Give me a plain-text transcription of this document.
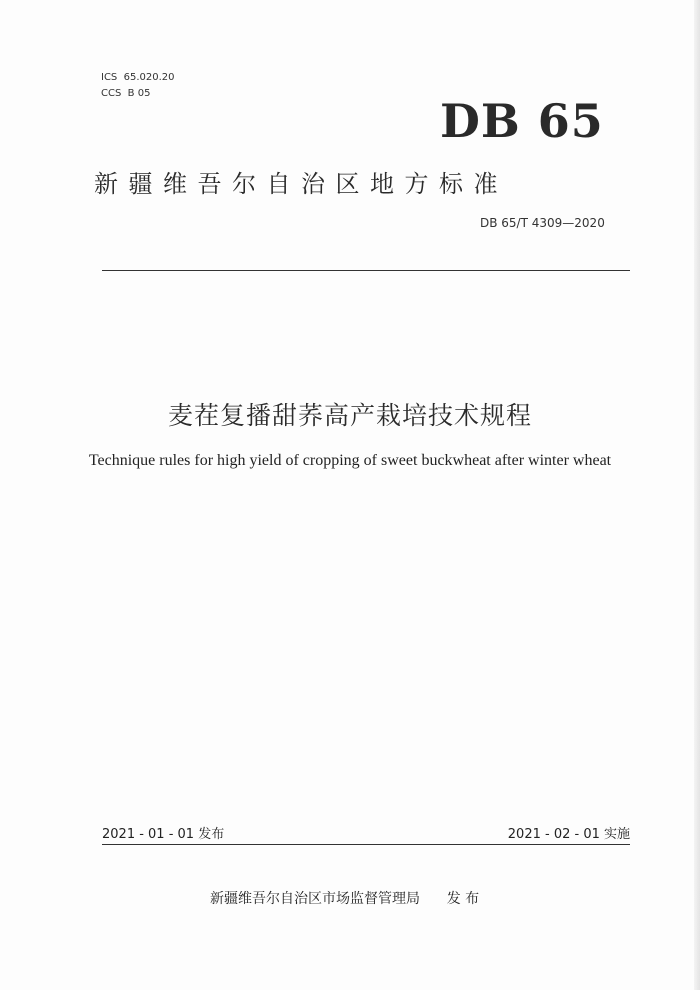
ICS  65.020.20
CCS  B 05
DB 65
新疆维吾尔自治区地方标准
DB 65/T 4309—2020
麦茬复播甜荞高产栽培技术规程
Technique rules for high yield of cropping of sweet buckwheat after winter wheat
2021 - 01 - 01 发布	2021 - 02 - 01 实施
新疆维吾尔自治区市场监督管理局      发 布
